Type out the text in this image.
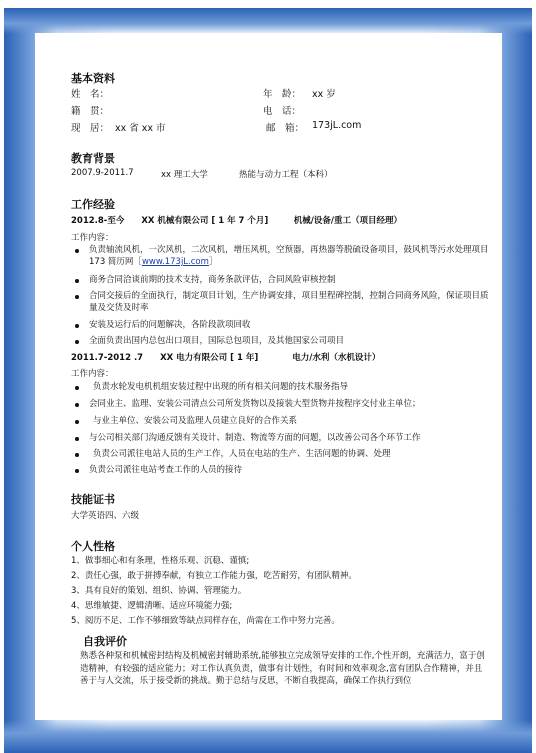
基本资料
姓　名：	年　龄： xx 岁
籍　贯：	电　话：
现　居： xx 省 xx 市	邮　箱： 173jL.com
教育背景
2007.9-2011.7	xx 理工大学	热能与动力工程（本科）
工作经验
2012.8-至今　　XX 机械有限公司 [ 1 年 7 个月]　　　机械/设备/重工（项目经理）
工作内容：
负责轴流风机，一次风机，二次风机，增压风机，空预器，再热器等脱硫设备项目，鼓风机等污水处理项目 173 简历网［www.173jL.com］
商务合同洽谈前期的技术支持，商务条款评估，合同风险审核控制
合同交接后的全面执行，制定项目计划，生产协调安排，项目里程碑控制，控制合同商务风险，保证项目质量及交货及时率
安装及运行后的问题解决，各阶段款项回收
全面负责出国内总包出口项目，国际总包项目，及其他国家公司项目
2011.7-2012 .7　　XX 电力有限公司 [ 1 年]　　　　电力/水利（水机设计）
工作内容：
负责水轮发电机机组安装过程中出现的所有相关问题的技术服务指导
会同业主、监理、安装公司清点公司所发货物以及接装大型货物并按程序交付业主单位；
与业主单位、安装公司及监理人员建立良好的合作关系
与公司相关部门沟通反馈有关设计、制造、物流等方面的问题，以改善公司各个环节工作
负责公司派往电站人员的生产工作，人员在电站的生产、生活问题的协调、处理
负责公司派往电站考查工作的人员的接待
技能证书
大学英语四、六级
个人性格
1、做事细心和有条理，性格乐观、沉稳、谨慎;
2、责任心强，敢于拼搏奉献，有独立工作能力强，吃苦耐劳，有团队精神。
3、具有良好的策划、组织、协调、管理能力。
4、思维敏捷、逻辑清晰、适应环境能力强;
5、阅历不足、工作不够细致等缺点同样存在，尚需在工作中努力完善。
自我评价
熟悉各种泵和机械密封结构及机械密封辅助系统,能够独立完成领导安排的工作,个性开朗，充满活力，富于创造精神，有较强的适应能力；对工作认真负责，做事有计划性，有时间和效率观念,富有团队合作精神，并且善于与人交流，乐于接受新的挑战。勤于总结与反思，不断自我提高，确保工作执行到位
